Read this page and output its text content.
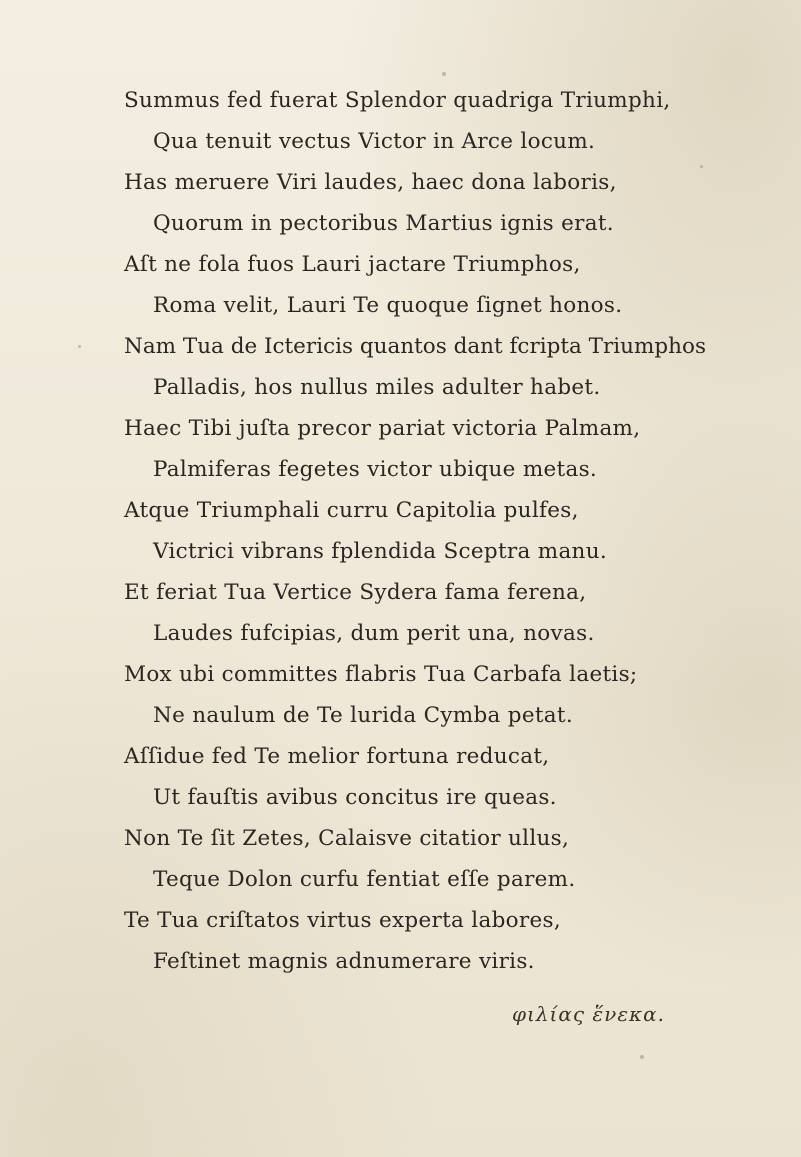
Summus fed fuerat Splendor quadriga Triumphi,
Qua tenuit vectus Victor in Arce locum.
Has meruere Viri laudes, haec dona laboris,
Quorum in pectoribus Martius ignis erat.
Aſt ne fola fuos Lauri jactare Triumphos,
Roma velit, Lauri Te quoque ſignet honos.
Nam Tua de Ictericis quantos dant fcripta Triumphos
Palladis, hos nullus miles adulter habet.
Haec Tibi juſta precor pariat victoria Palmam,
Palmiferas fegetes victor ubique metas.
Atque Triumphali curru Capitolia pulfes,
Victrici vibrans fplendida Sceptra manu.
Et feriat Tua Vertice Sydera fama ferena,
Laudes fufcipias, dum perit una, novas.
Mox ubi committes flabris Tua Carbafa laetis;
Ne naulum de Te lurida Cymba petat.
Aſſidue fed Te melior fortuna reducat,
Ut fauſtis avibus concitus ire queas.
Non Te ſit Zetes, Calaisve citatior ullus,
Teque Dolon curfu fentiat eſſe parem.
Te Tua criſtatos virtus experta labores,
Feſtinet magnis adnumerare viris.
φιλίας ἕνεκα.
